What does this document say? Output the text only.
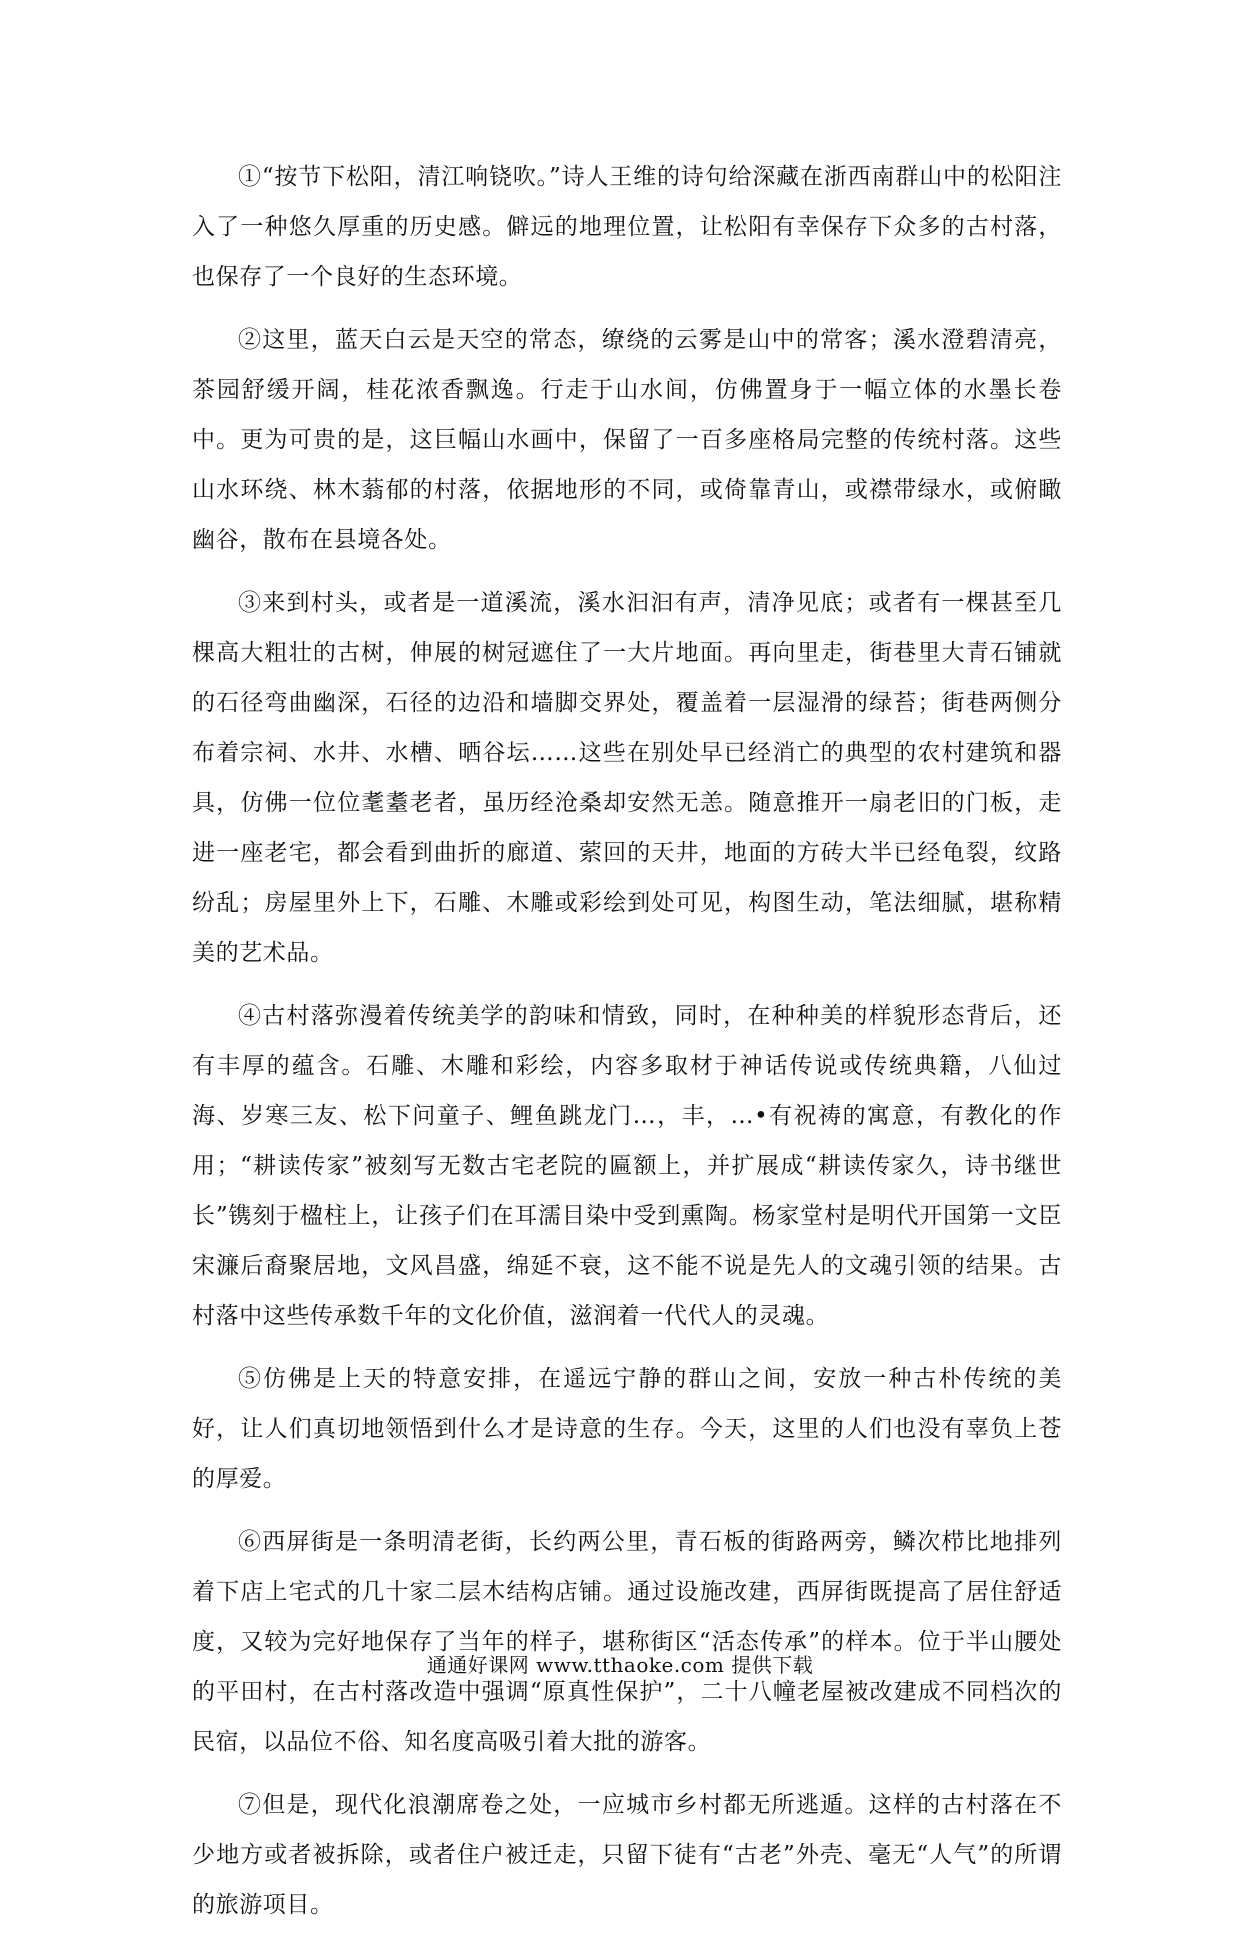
①“按节下松阳，清江响铙吹。”诗人王维的诗句给深藏在浙西南群山中的松阳注入了一种悠久厚重的历史感。僻远的地理位置，让松阳有幸保存下众多的古村落，也保存了一个良好的生态环境。

②这里，蓝天白云是天空的常态，缭绕的云雾是山中的常客；溪水澄碧清亮，茶园舒缓开阔，桂花浓香飘逸。行走于山水间，仿佛置身于一幅立体的水墨长卷中。更为可贵的是，这巨幅山水画中，保留了一百多座格局完整的传统村落。这些山水环绕、林木蓊郁的村落，依据地形的不同，或倚靠青山，或襟带绿水，或俯瞰幽谷，散布在县境各处。

③来到村头，或者是一道溪流，溪水汩汩有声，清净见底；或者有一棵甚至几棵高大粗壮的古树，伸展的树冠遮住了一大片地面。再向里走，街巷里大青石铺就的石径弯曲幽深，石径的边沿和墙脚交界处，覆盖着一层湿滑的绿苔；街巷两侧分布着宗祠、水井、水槽、晒谷坛……这些在别处早已经消亡的典型的农村建筑和器具，仿佛一位位耄耋老者，虽历经沧桑却安然无恙。随意推开一扇老旧的门板，走进一座老宅，都会看到曲折的廊道、萦回的天井，地面的方砖大半已经龟裂，纹路纷乱；房屋里外上下，石雕、木雕或彩绘到处可见，构图生动，笔法细腻，堪称精美的艺术品。

④古村落弥漫着传统美学的韵味和情致，同时，在种种美的样貌形态背后，还有丰厚的蕴含。石雕、木雕和彩绘，内容多取材于神话传说或传统典籍，八仙过海、岁寒三友、松下问童子、鲤鱼跳龙门…，丰，…•有祝祷的寓意，有教化的作用；“耕读传家”被刻写无数古宅老院的匾额上，并扩展成“耕读传家久，诗书继世长”镌刻于楹柱上，让孩子们在耳濡目染中受到熏陶。杨家堂村是明代开国第一文臣宋濂后裔聚居地，文风昌盛，绵延不衰，这不能不说是先人的文魂引领的结果。古村落中这些传承数千年的文化价值，滋润着一代代人的灵魂。

⑤仿佛是上天的特意安排，在遥远宁静的群山之间，安放一种古朴传统的美好，让人们真切地领悟到什么才是诗意的生存。今天，这里的人们也没有辜负上苍的厚爱。

⑥西屏街是一条明清老街，长约两公里，青石板的街路两旁，鳞次栉比地排列着下店上宅式的几十家二层木结构店铺。通过设施改建，西屏街既提高了居住舒适度，又较为完好地保存了当年的样子，堪称街区“活态传承”的样本。位于半山腰处的平田村，在古村落改造中强调“原真性保护”，二十八幢老屋被改建成不同档次的民宿，以品位不俗、知名度高吸引着大批的游客。

⑦但是，现代化浪潮席卷之处，一应城市乡村都无所逃遁。这样的古村落在不少地方或者被拆除，或者住户被迁走，只留下徒有“古老”外壳、毫无“人气”的所谓的旅游项目。

通通好课网 www.tthaoke.com 提供下载
